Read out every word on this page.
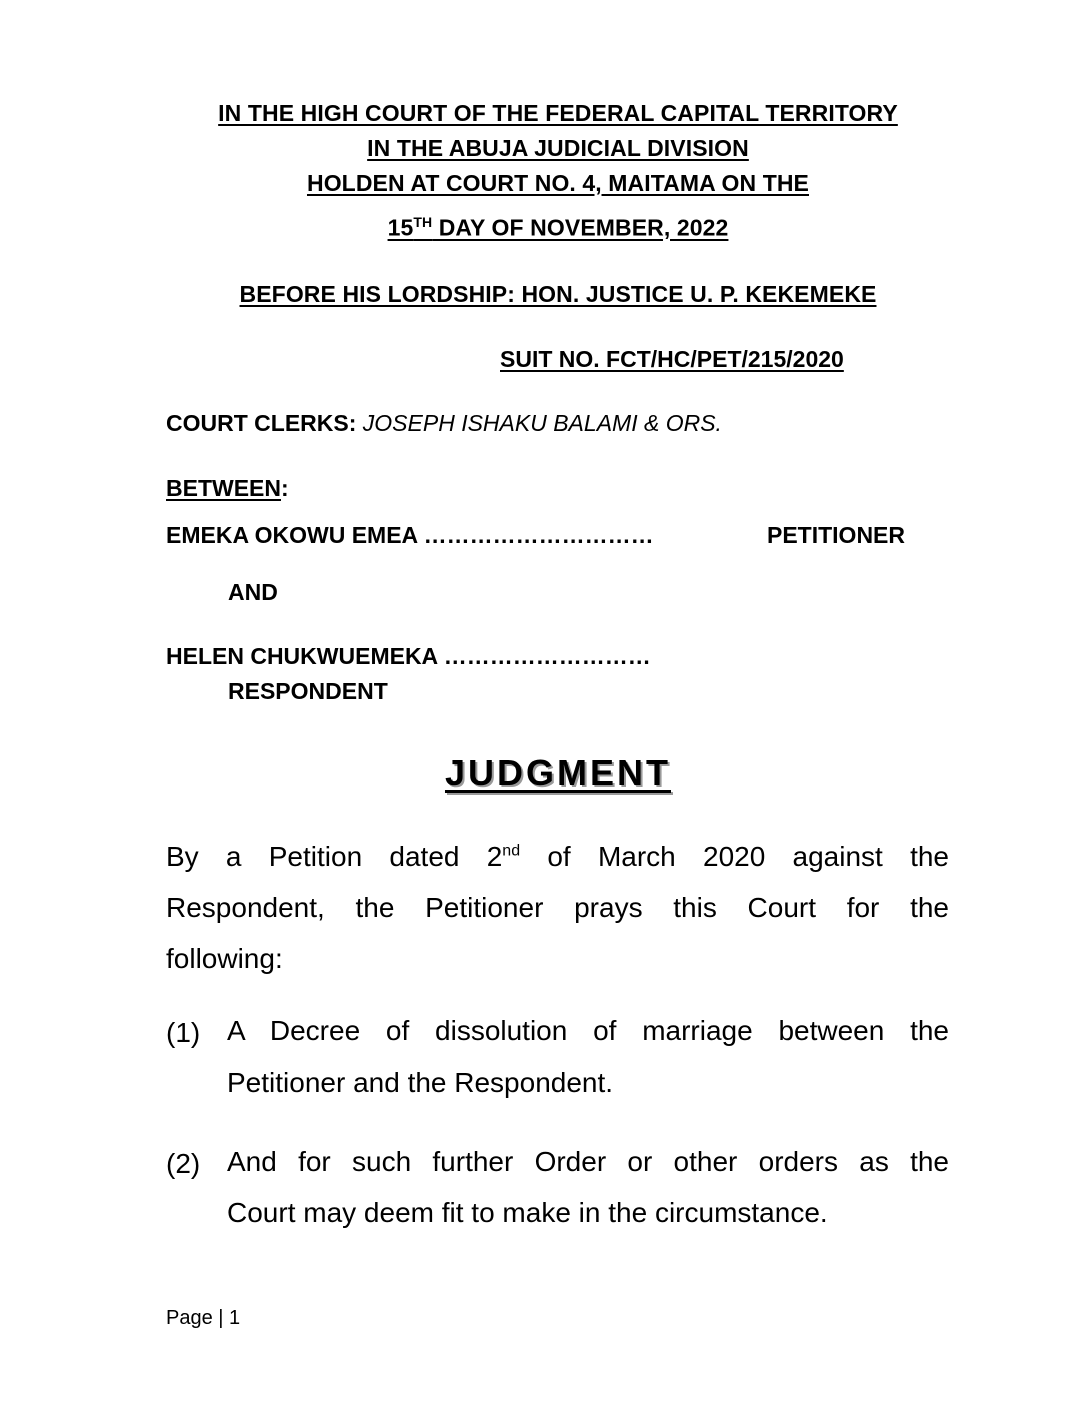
IN THE HIGH COURT OF THE FEDERAL CAPITAL TERRITORY
IN THE ABUJA JUDICIAL DIVISION
HOLDEN AT COURT NO. 4, MAITAMA ON THE
15TH DAY OF NOVEMBER, 2022
BEFORE HIS LORDSHIP: HON. JUSTICE U. P. KEKEMEKE
SUIT NO. FCT/HC/PET/215/2020
COURT CLERKS: JOSEPH ISHAKU BALAMI & ORS.
BETWEEN:
EMEKA OKOWU EMEA …………………………	PETITIONER
AND
HELEN CHUKWUEMEKA ………………………
RESPONDENT
JUDGMENT
By a Petition dated 2nd of March 2020 against the
Respondent, the Petitioner prays this Court for the
following:
(1) A Decree of dissolution of marriage between the
Petitioner and the Respondent.
(2) And for such further Order or other orders as the
Court may deem fit to make in the circumstance.
Page | 1
